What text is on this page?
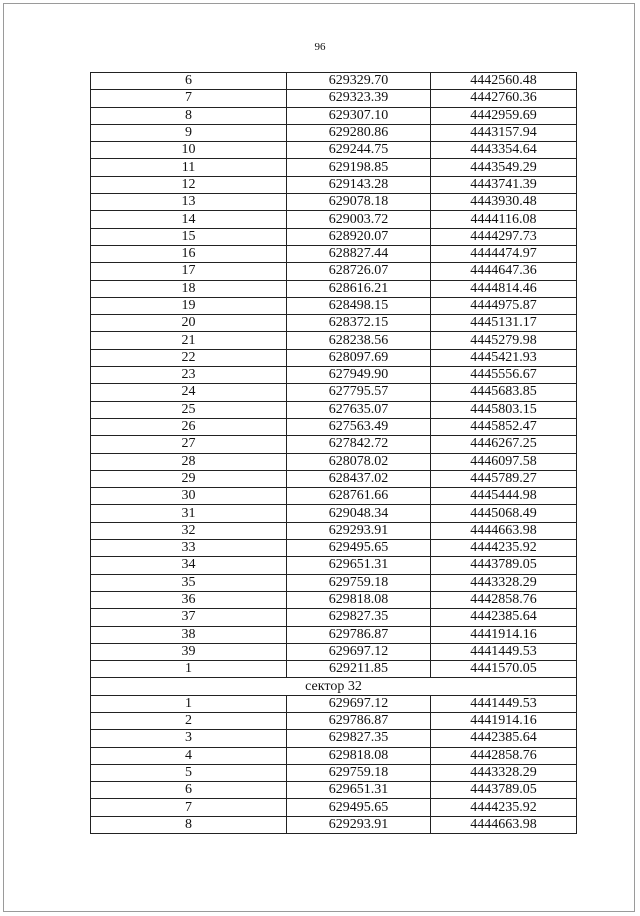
96
6	629329.70	4442560.48
7	629323.39	4442760.36
8	629307.10	4442959.69
9	629280.86	4443157.94
10	629244.75	4443354.64
11	629198.85	4443549.29
12	629143.28	4443741.39
13	629078.18	4443930.48
14	629003.72	4444116.08
15	628920.07	4444297.73
16	628827.44	4444474.97
17	628726.07	4444647.36
18	628616.21	4444814.46
19	628498.15	4444975.87
20	628372.15	4445131.17
21	628238.56	4445279.98
22	628097.69	4445421.93
23	627949.90	4445556.67
24	627795.57	4445683.85
25	627635.07	4445803.15
26	627563.49	4445852.47
27	627842.72	4446267.25
28	628078.02	4446097.58
29	628437.02	4445789.27
30	628761.66	4445444.98
31	629048.34	4445068.49
32	629293.91	4444663.98
33	629495.65	4444235.92
34	629651.31	4443789.05
35	629759.18	4443328.29
36	629818.08	4442858.76
37	629827.35	4442385.64
38	629786.87	4441914.16
39	629697.12	4441449.53
1	629211.85	4441570.05
сектор 32		
1	629697.12	4441449.53
2	629786.87	4441914.16
3	629827.35	4442385.64
4	629818.08	4442858.76
5	629759.18	4443328.29
6	629651.31	4443789.05
7	629495.65	4444235.92
8	629293.91	4444663.98
